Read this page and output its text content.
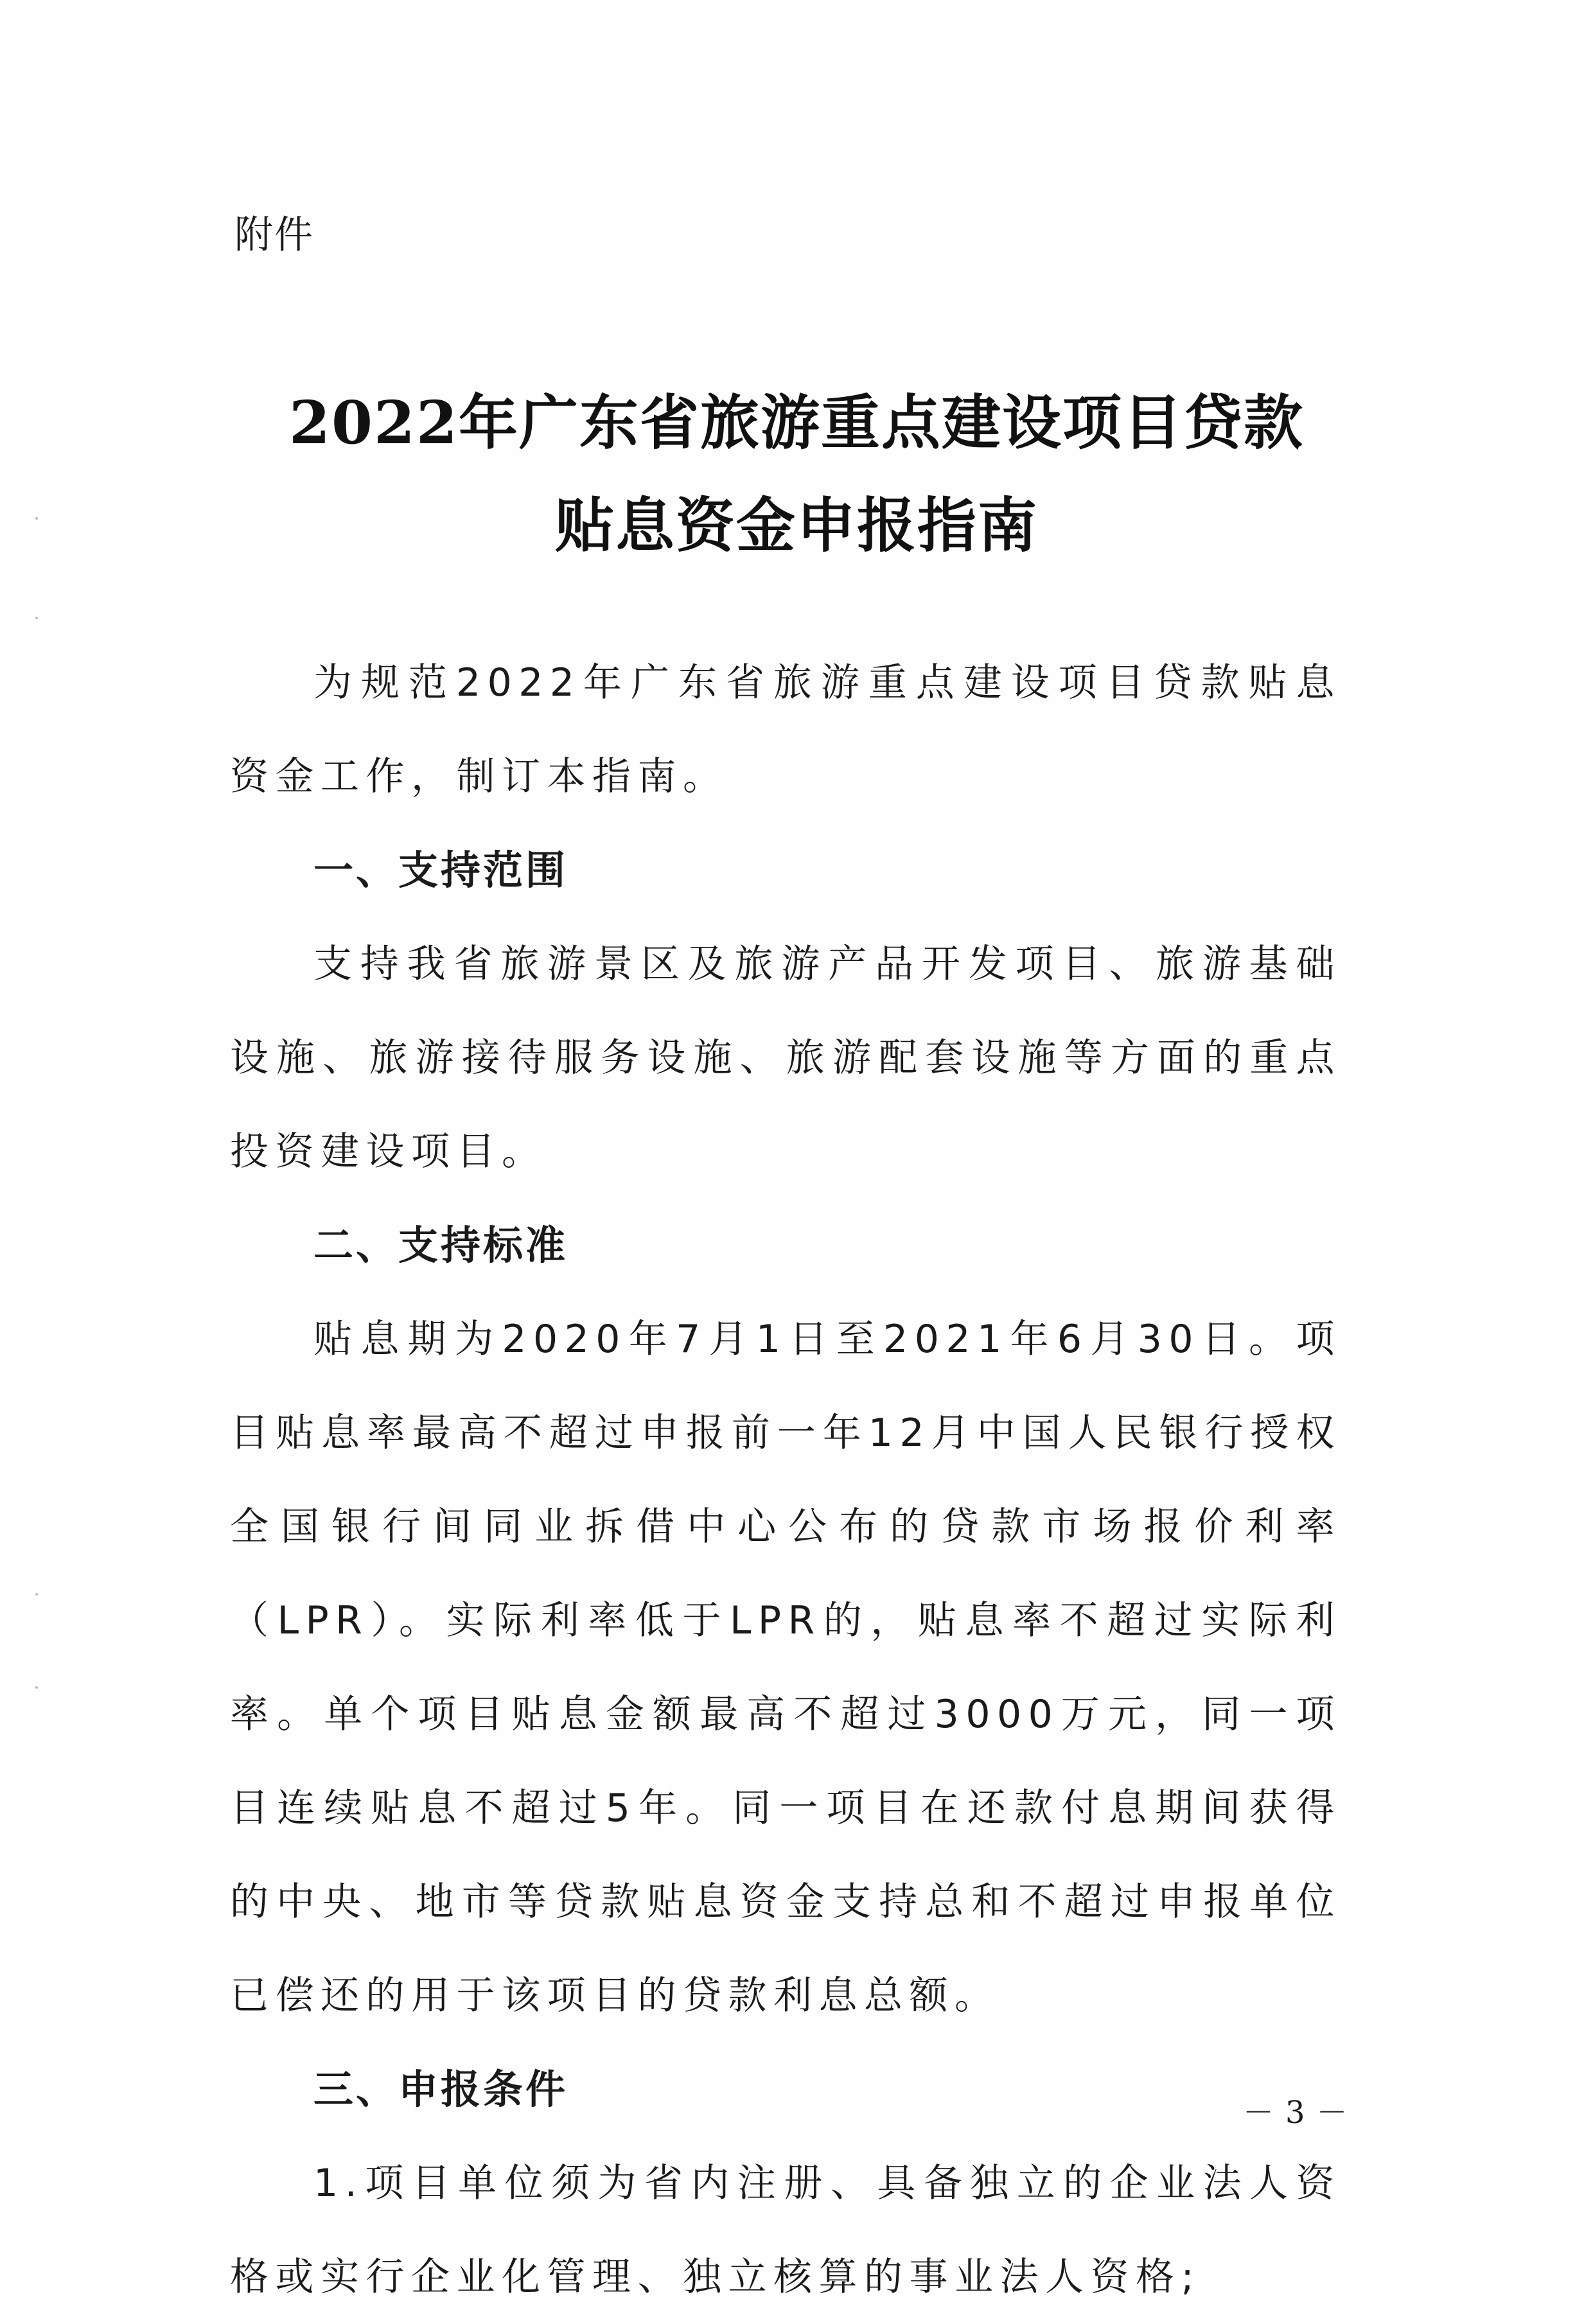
附件
2022年广东省旅游重点建设项目贷款
贴息资金申报指南

为规范2022年广东省旅游重点建设项目贷款贴息资金工作，制订本指南。

一、支持范围

支持我省旅游景区及旅游产品开发项目、旅游基础设施、旅游接待服务设施、旅游配套设施等方面的重点投资建设项目。

二、支持标准

贴息期为2020年7月1日至2021年6月30日。项目贴息率最高不超过申报前一年12月中国人民银行授权全国银行间同业拆借中心公布的贷款市场报价利率（LPR）。实际利率低于LPR的，贴息率不超过实际利率。单个项目贴息金额最高不超过3000万元，同一项目连续贴息不超过5年。同一项目在还款付息期间获得的中央、地市等贷款贴息资金支持总和不超过申报单位已偿还的用于该项目的贷款利息总额。

三、申报条件

1.项目单位须为省内注册、具备独立的企业法人资格或实行企业化管理、独立核算的事业法人资格;

－3－
